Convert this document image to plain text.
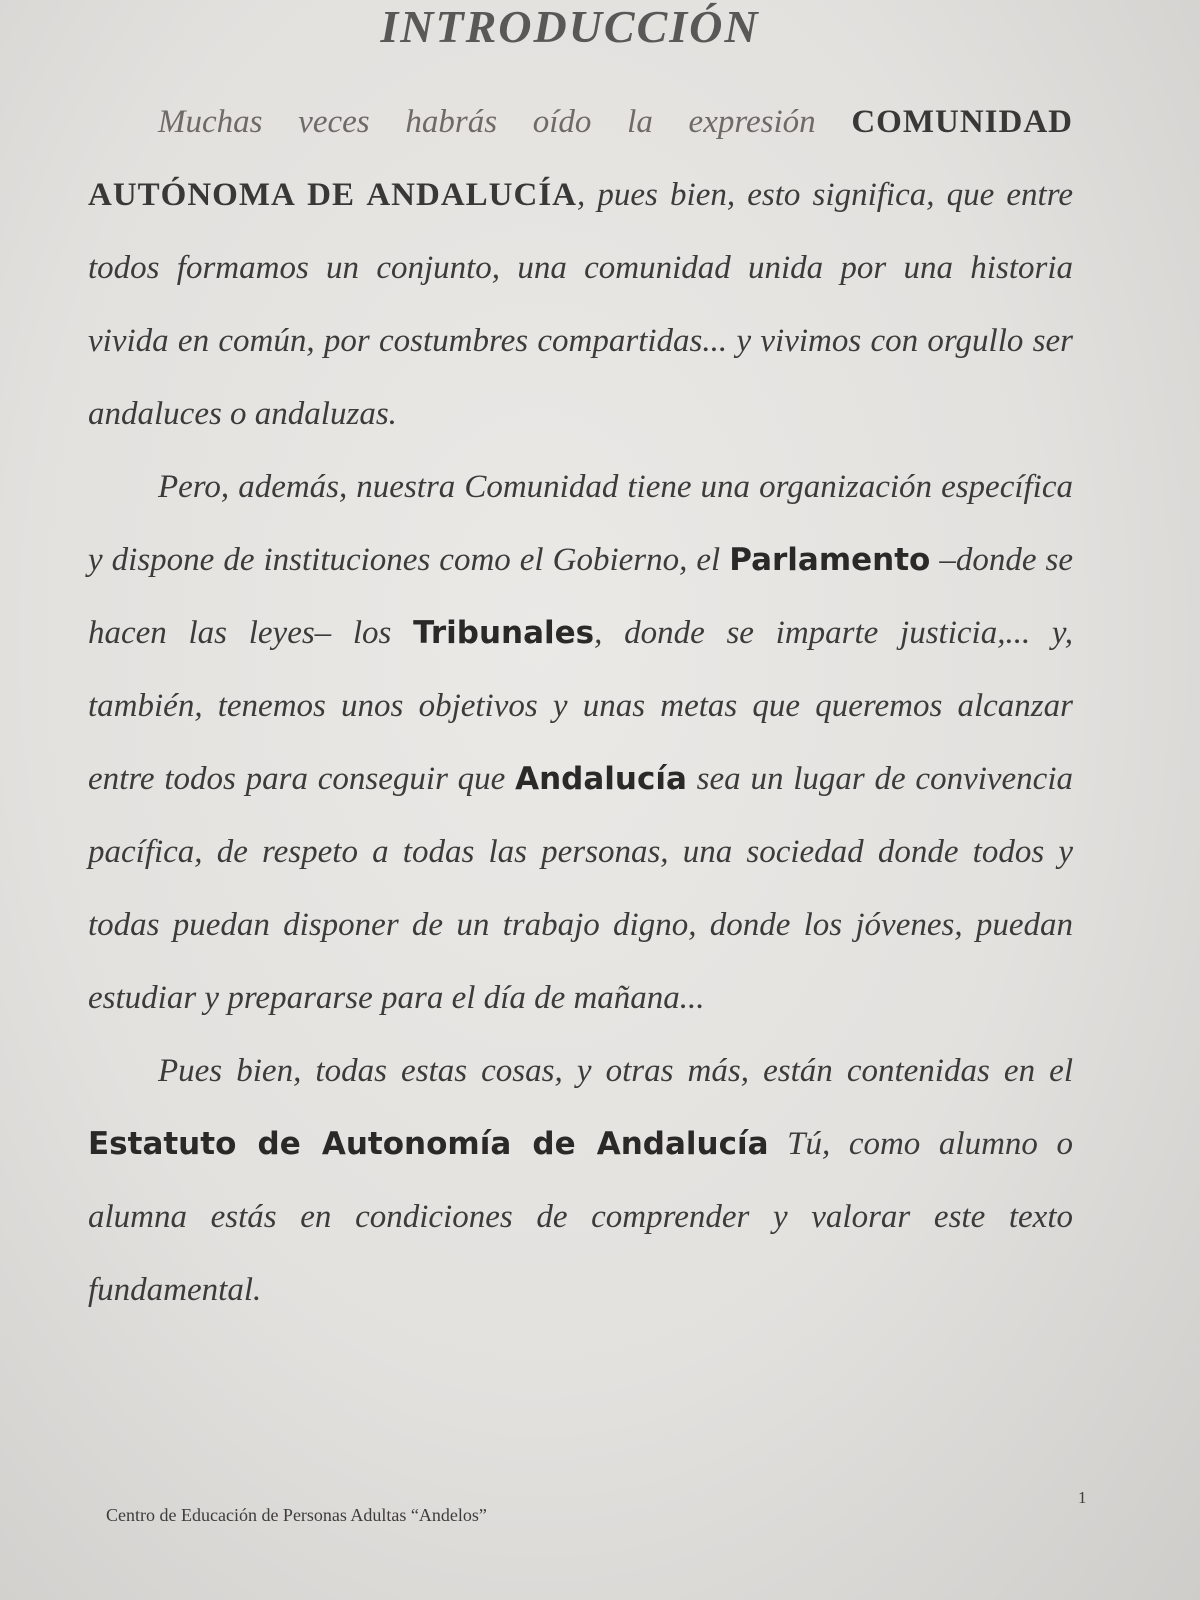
INTRODUCCIÓN

Muchas veces habrás oído la expresión COMUNIDAD AUTÓNOMA DE ANDALUCÍA, pues bien, esto significa, que entre todos formamos un conjunto, una comunidad unida por una historia vivida en común, por costumbres compartidas... y vivimos con orgullo ser andaluces o andaluzas.

Pero, además, nuestra Comunidad tiene una organización específica y dispone de instituciones como el Gobierno, el Parlamento –donde se hacen las leyes– los Tribunales, donde se imparte justicia,... y, también, tenemos unos objetivos y unas metas que queremos alcanzar entre todos para conseguir que Andalucía sea un lugar de convivencia pacífica, de respeto a todas las personas, una sociedad donde todos y todas puedan disponer de un trabajo digno, donde los jóvenes, puedan estudiar y prepararse para el día de mañana...

Pues bien, todas estas cosas, y otras más, están contenidas en el Estatuto de Autonomía de Andalucía Tú, como alumno o alumna estás en condiciones de comprender y valorar este texto fundamental.

1
Centro de Educación de Personas Adultas “Andelos”
